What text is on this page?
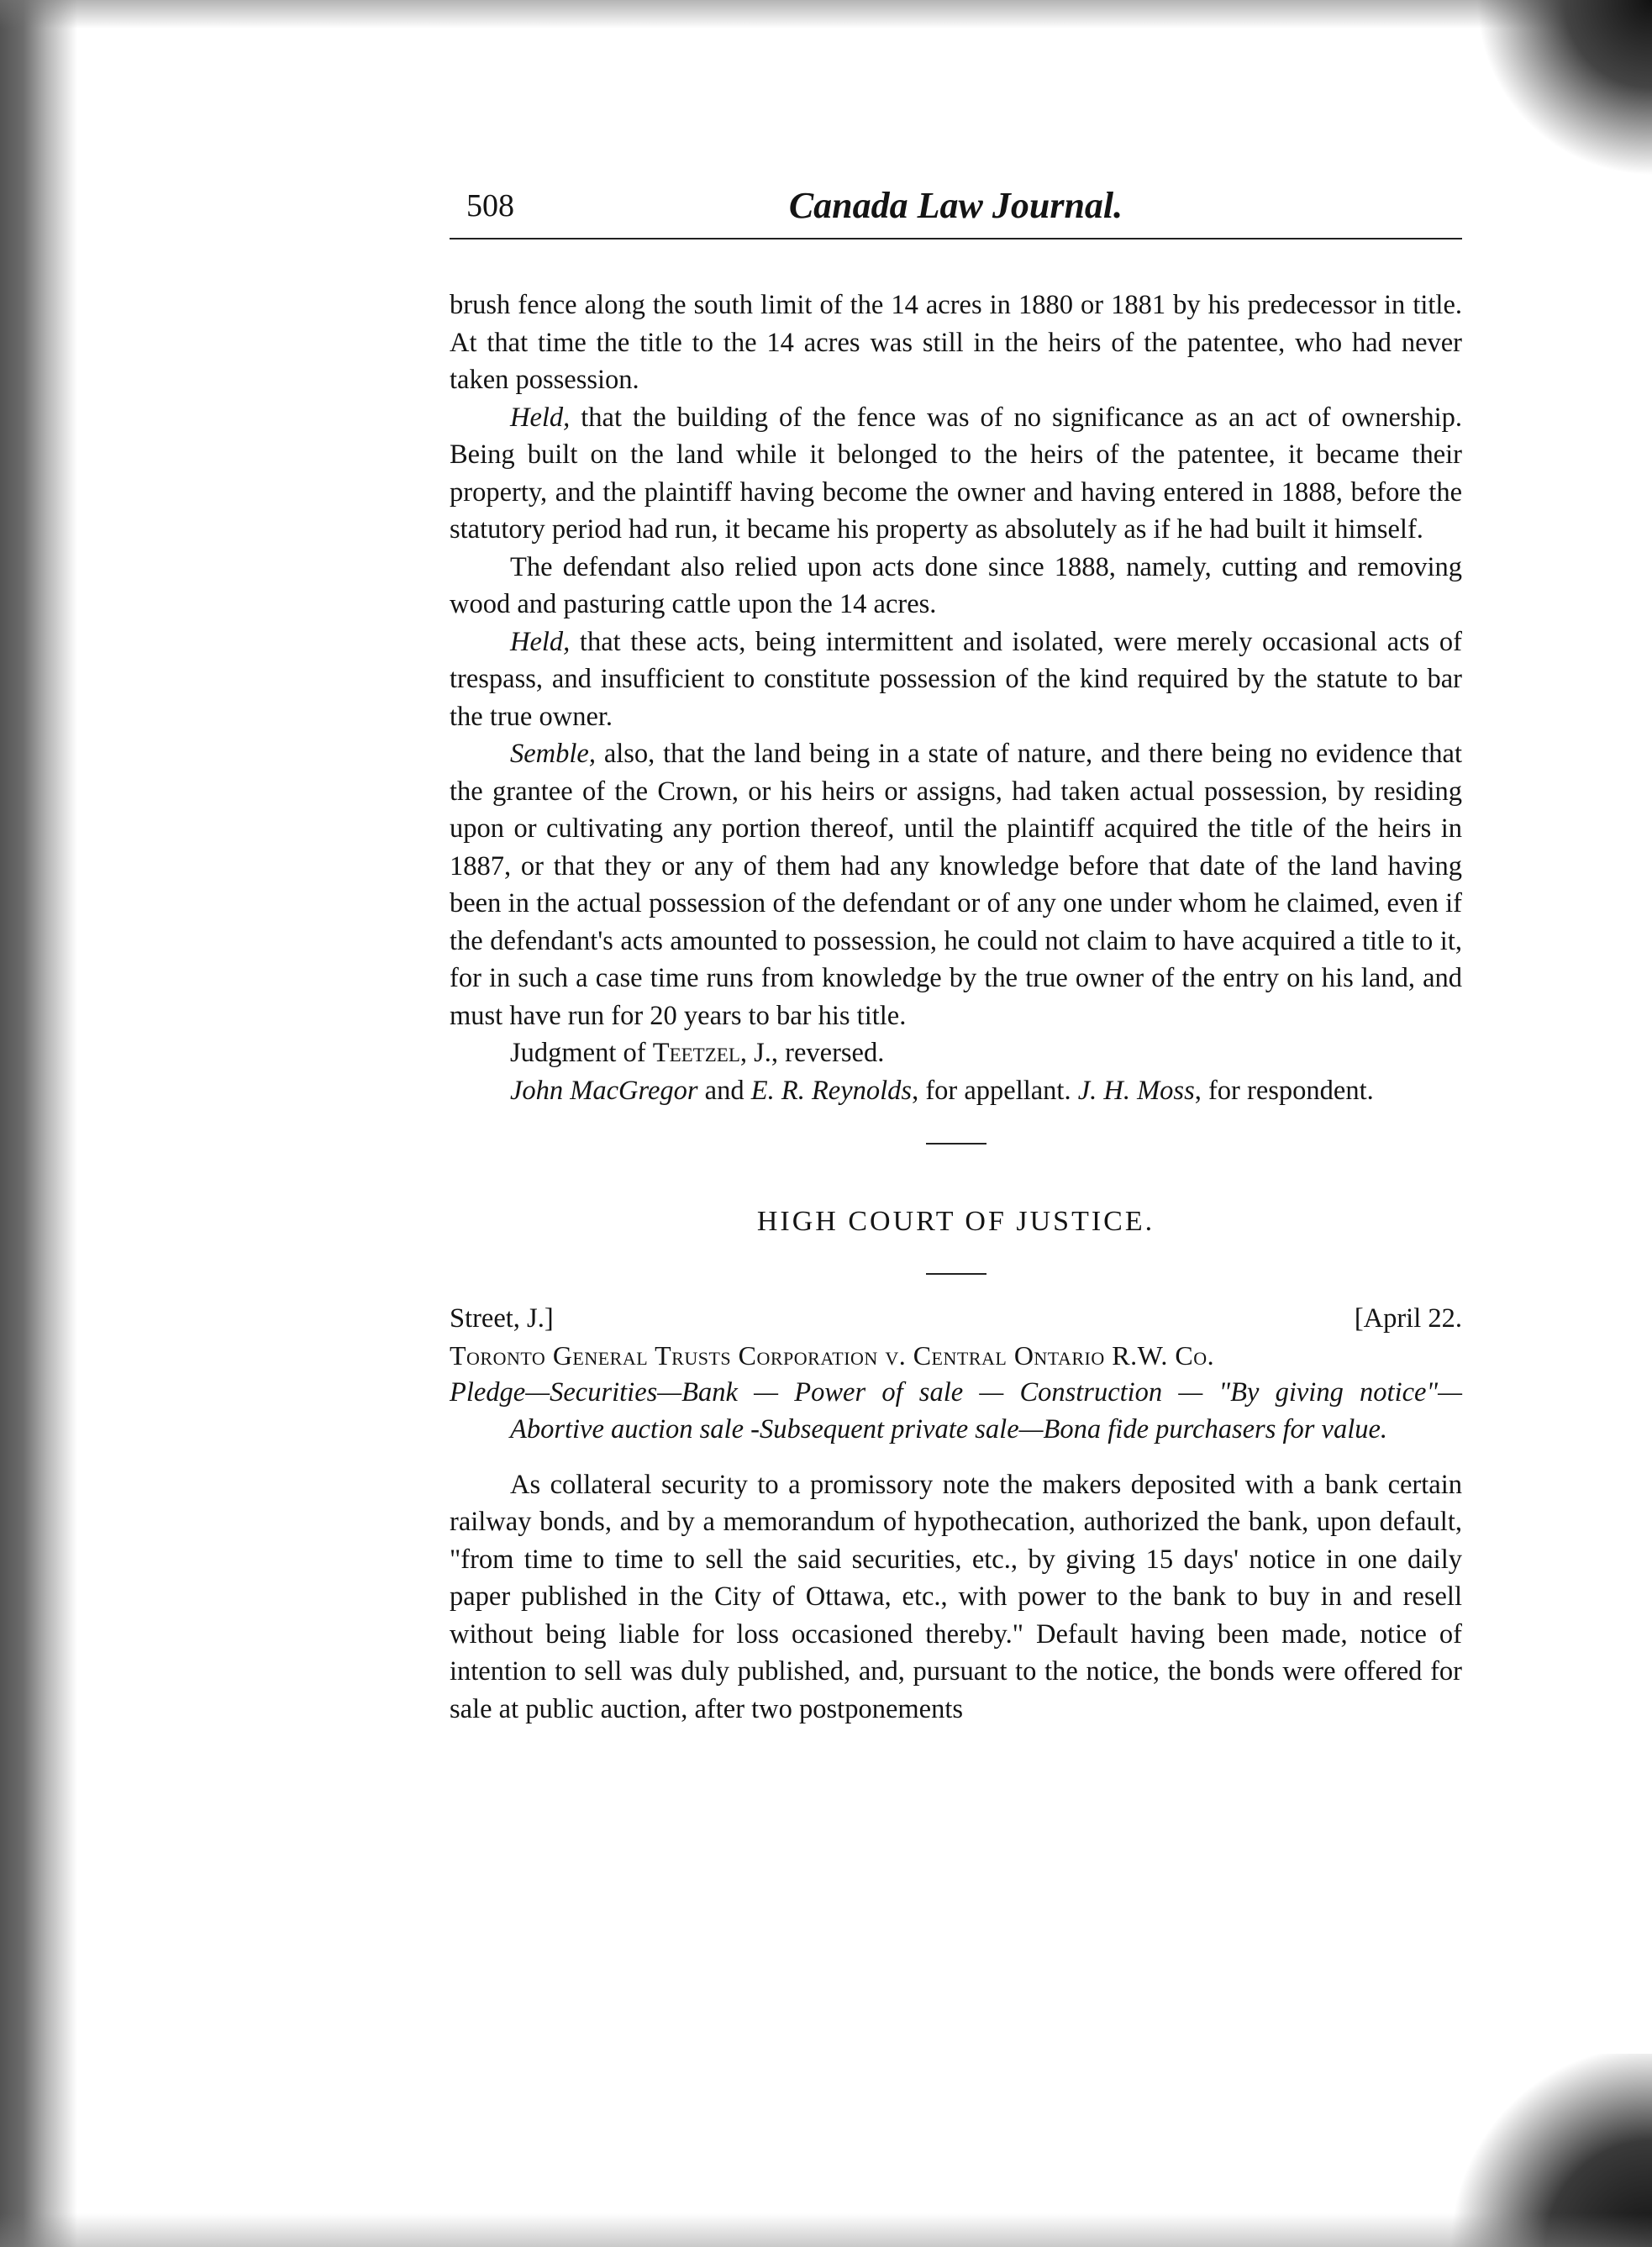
508	Canada Law Journal.

brush fence along the south limit of the 14 acres in 1880 or 1881 by his predecessor in title. At that time the title to the 14 acres was still in the heirs of the patentee, who had never taken possession.

Held, that the building of the fence was of no significance as an act of ownership. Being built on the land while it belonged to the heirs of the patentee, it became their property, and the plaintiff having become the owner and having entered in 1888, before the statutory period had run, it became his property as absolutely as if he had built it himself.

The defendant also relied upon acts done since 1888, namely, cutting and removing wood and pasturing cattle upon the 14 acres.

Held, that these acts, being intermittent and isolated, were merely occasional acts of trespass, and insufficient to constitute possession of the kind required by the statute to bar the true owner.

Semble, also, that the land being in a state of nature, and there being no evidence that the grantee of the Crown, or his heirs or assigns, had taken actual possession, by residing upon or cultivating any portion thereof, until the plaintiff acquired the title of the heirs in 1887, or that they or any of them had any knowledge before that date of the land having been in the actual possession of the defendant or of any one under whom he claimed, even if the defendant's acts amounted to possession, he could not claim to have acquired a title to it, for in such a case time runs from knowledge by the true owner of the entry on his land, and must have run for 20 years to bar his title.

Judgment of Teetzel, J., reversed.

John MacGregor and E. R. Reynolds, for appellant. J. H. Moss, for respondent.

HIGH COURT OF JUSTICE.
Street, J.]	[April 22.
Toronto General Trusts Corporation v. Central Ontario R.W. Co.
Pledge—Securities—Bank — Power of sale — Construction — "By giving notice"—Abortive auction sale -Subsequent private sale—Bona fide purchasers for value.

As collateral security to a promissory note the makers deposited with a bank certain railway bonds, and by a memorandum of hypothecation, authorized the bank, upon default, "from time to time to sell the said securities, etc., by giving 15 days' notice in one daily paper published in the City of Ottawa, etc., with power to the bank to buy in and resell without being liable for loss occasioned thereby." Default having been made, notice of intention to sell was duly published, and, pursuant to the notice, the bonds were offered for sale at public auction, after two postponements
